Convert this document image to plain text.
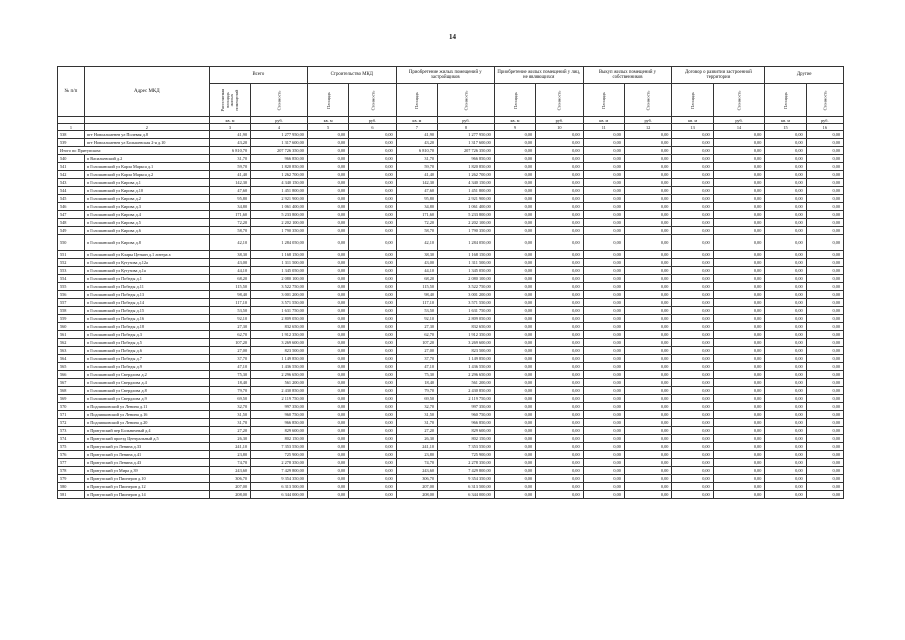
14
№ п/п	Адрес МКД	Всего		Строительство МКД		Приобретение жилых помещений у застройщиков		Приобретение жилых помещений у лиц, не являющихся		Выкуп жилых помещений у собственников		Договор о развитии застроенной территории		Другие	
		Расселяемая площадь жилых помещений	Стоимость	Площадь	Стоимость	Площадь	Стоимость	Площадь	Стоимость	Площадь	Стоимость	Площадь	Стоимость	Площадь	Стоимость
		кв. м	руб.	кв. м	руб.	кв. м	руб.	кв. м	руб.	кв. м	руб.	кв. м	руб.	кв. м	руб.
1	2	3	4	5	6	7	8	9	10	11	12	13	14	15	16
538	пгт Новоальменев ул Полевая д.8	41,90	1 277 950,00	0,00	0,00	41,90	1 277 950,00	0,00	0,00	0,00	0,00	0,00	0,00	0,00	0,00
539	пгт Новоальменев ул Большевская 2-я д.10	43,20	1 317 600,00	0,00	0,00	43,20	1 317 600,00	0,00	0,00	0,00	0,00	0,00	0,00	0,00	0,00
Итого по Притупском:		6 810,70	207 726 350,00	0,00	0,00	6 810,70	207 726 350,00	0,00	0,00	0,00	0,00	0,00	0,00	0,00	0,00
540	п Васильевский д.2	31,70	966 850,00	0,00	0,00	31,70	966 850,00	0,00	0,00	0,00	0,00	0,00	0,00	0,00	0,00
541	п Голошанский ул Карла Маркса д.1	59,70	1 820 850,00	0,00	0,00	59,70	1 820 850,00	0,00	0,00	0,00	0,00	0,00	0,00	0,00	0,00
542	п Голошанский ул Карла Маркса д.2	41,40	1 262 700,00	0,00	0,00	41,40	1 262 700,00	0,00	0,00	0,00	0,00	0,00	0,00	0,00	0,00
543	п Голошанский ул Кирова д.1	142,30	4 340 150,00	0,00	0,00	142,30	4 340 150,00	0,00	0,00	0,00	0,00	0,00	0,00	0,00	0,00
544	п Голошанский ул Кирова д.10	47,60	1 451 800,00	0,00	0,00	47,60	1 451 800,00	0,00	0,00	0,00	0,00	0,00	0,00	0,00	0,00
545	п Голошанский ул Кирова д.2	95,80	2 921 900,00	0,00	0,00	95,80	2 921 900,00	0,00	0,00	0,00	0,00	0,00	0,00	0,00	0,00
546	п Голошанский ул Кирова д.3	34,80	1 061 400,00	0,00	0,00	34,80	1 061 400,00	0,00	0,00	0,00	0,00	0,00	0,00	0,00	0,00
547	п Голошанский ул Кирова д.4	171,60	5 233 800,00	0,00	0,00	171,60	5 233 800,00	0,00	0,00	0,00	0,00	0,00	0,00	0,00	0,00
548	п Голошанский ул Кирова д.5	72,20	2 202 100,00	0,00	0,00	72,20	2 202 100,00	0,00	0,00	0,00	0,00	0,00	0,00	0,00	0,00
549	п Голошанский ул Кирова д.6	58,70	1 790 350,00	0,00	0,00	58,70	1 790 350,00	0,00	0,00	0,00	0,00	0,00	0,00	0,00	0,00
550	п Голошанский ул Кирова д.8	42,10	1 284 050,00	0,00	0,00	42,10	1 284 050,00	0,00	0,00	0,00	0,00	0,00	0,00	0,00	0,00
551	п Голошанский ул Клары Цеткин д.1 литера а	38,30	1 168 150,00	0,00	0,00	38,30	1 168 150,00	0,00	0,00	0,00	0,00	0,00	0,00	0,00	0,00
552	п Голошанский ул Кутузова д.12а	43,00	1 311 500,00	0,00	0,00	43,00	1 311 500,00	0,00	0,00	0,00	0,00	0,00	0,00	0,00	0,00
553	п Голошанский ул Кутузова д.1а	44,10	1 345 050,00	0,00	0,00	44,10	1 345 050,00	0,00	0,00	0,00	0,00	0,00	0,00	0,00	0,00
554	п Голошанский ул Победы д.1	68,20	2 080 100,00	0,00	0,00	68,20	2 080 100,00	0,00	0,00	0,00	0,00	0,00	0,00	0,00	0,00
555	п Голошанский ул Победы д.11	115,50	3 522 750,00	0,00	0,00	115,50	3 522 750,00	0,00	0,00	0,00	0,00	0,00	0,00	0,00	0,00
556	п Голошанский ул Победы д.13	98,40	3 001 200,00	0,00	0,00	98,40	3 001 200,00	0,00	0,00	0,00	0,00	0,00	0,00	0,00	0,00
557	п Голошанский ул Победы д.14	117,10	3 571 550,00	0,00	0,00	117,10	3 571 550,00	0,00	0,00	0,00	0,00	0,00	0,00	0,00	0,00
558	п Голошанский ул Победы д.15	53,50	1 631 750,00	0,00	0,00	53,50	1 631 750,00	0,00	0,00	0,00	0,00	0,00	0,00	0,00	0,00
559	п Голошанский ул Победы д.16	92,10	2 809 050,00	0,00	0,00	92,10	2 809 050,00	0,00	0,00	0,00	0,00	0,00	0,00	0,00	0,00
560	п Голошанский ул Победы д.18	27,30	832 650,00	0,00	0,00	27,30	832 650,00	0,00	0,00	0,00	0,00	0,00	0,00	0,00	0,00
561	п Голошанский ул Победы д.3	62,70	1 912 350,00	0,00	0,00	62,70	1 912 350,00	0,00	0,00	0,00	0,00	0,00	0,00	0,00	0,00
562	п Голошанский ул Победы д.5	107,20	3 269 600,00	0,00	0,00	107,20	3 269 600,00	0,00	0,00	0,00	0,00	0,00	0,00	0,00	0,00
563	п Голошанский ул Победы д.6	27,00	823 500,00	0,00	0,00	27,00	823 500,00	0,00	0,00	0,00	0,00	0,00	0,00	0,00	0,00
564	п Голошанский ул Победы д.7	37,70	1 149 850,00	0,00	0,00	37,70	1 149 850,00	0,00	0,00	0,00	0,00	0,00	0,00	0,00	0,00
565	п Голошанский ул Победы д.9	47,10	1 436 550,00	0,00	0,00	47,10	1 436 550,00	0,00	0,00	0,00	0,00	0,00	0,00	0,00	0,00
566	п Голошанский ул Свердлова д.2	75,30	2 296 650,00	0,00	0,00	75,30	2 296 650,00	0,00	0,00	0,00	0,00	0,00	0,00	0,00	0,00
567	п Голошанский ул Свердлова д.4	18,40	561 200,00	0,00	0,00	18,40	561 200,00	0,00	0,00	0,00	0,00	0,00	0,00	0,00	0,00
568	п Голошанский ул Свердлова д.8	79,70	2 430 850,00	0,00	0,00	79,70	2 430 850,00	0,00	0,00	0,00	0,00	0,00	0,00	0,00	0,00
569	п Голошанский ул Свердлова д.9	69,50	2 119 750,00	0,00	0,00	69,50	2 119 750,00	0,00	0,00	0,00	0,00	0,00	0,00	0,00	0,00
570	п Подлипковский ул Ленина д.11	32,70	997 350,00	0,00	0,00	32,70	997 350,00	0,00	0,00	0,00	0,00	0,00	0,00	0,00	0,00
571	п Подлипковский ул Ленина д.16	31,50	960 750,00	0,00	0,00	31,50	960 750,00	0,00	0,00	0,00	0,00	0,00	0,00	0,00	0,00
572	п Подлипковский ул Ленина д.20	31,70	966 850,00	0,00	0,00	31,70	966 850,00	0,00	0,00	0,00	0,00	0,00	0,00	0,00	0,00
573	п Притупский пер Больничный д.4	27,20	829 600,00	0,00	0,00	27,20	829 600,00	0,00	0,00	0,00	0,00	0,00	0,00	0,00	0,00
574	п Притупский проезд Центральный д.5	26,30	802 150,00	0,00	0,00	26,30	802 150,00	0,00	0,00	0,00	0,00	0,00	0,00	0,00	0,00
575	п Притупский ул Ленина д.33	241,10	7 353 550,00	0,00	0,00	241,10	7 353 550,00	0,00	0,00	0,00	0,00	0,00	0,00	0,00	0,00
576	п Притупский ул Ленина д.41	23,80	725 900,00	0,00	0,00	23,80	725 900,00	0,00	0,00	0,00	0,00	0,00	0,00	0,00	0,00
577	п Притупский ул Ленина д.43	74,70	2 278 350,00	0,00	0,00	74,70	2 278 350,00	0,00	0,00	0,00	0,00	0,00	0,00	0,00	0,00
578	п Притупский ул Мира д.39	243,60	7 429 800,00	0,00	0,00	243,60	7 429 800,00	0,00	0,00	0,00	0,00	0,00	0,00	0,00	0,00
579	п Притупский ул Пионеров д.10	306,70	9 354 350,00	0,00	0,00	306,70	9 354 350,00	0,00	0,00	0,00	0,00	0,00	0,00	0,00	0,00
580	п Притупский ул Пионеров д.12	207,00	6 313 500,00	0,00	0,00	207,00	6 313 500,00	0,00	0,00	0,00	0,00	0,00	0,00	0,00	0,00
581	п Притупский ул Пионеров д.14	208,00	6 344 000,00	0,00	0,00	208,00	6 344 000,00	0,00	0,00	0,00	0,00	0,00	0,00	0,00	0,00
